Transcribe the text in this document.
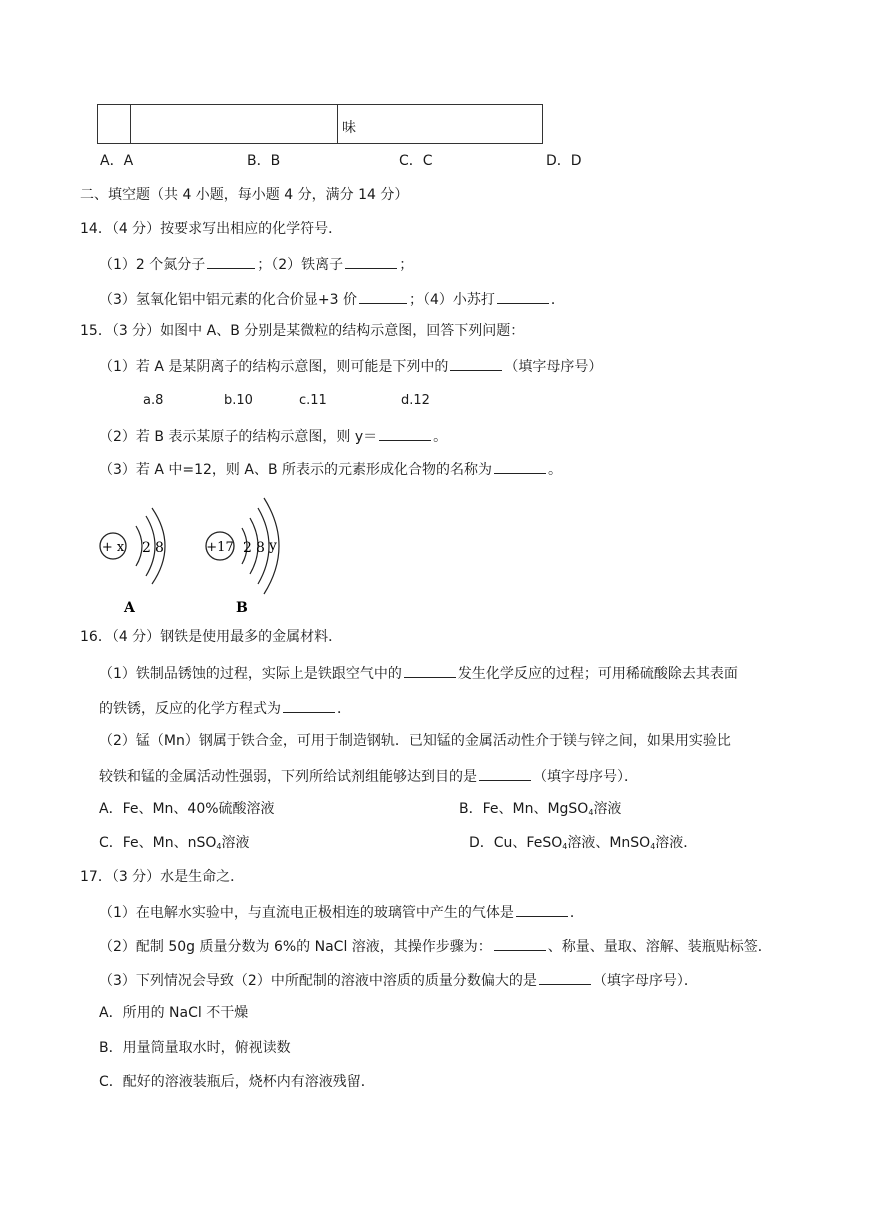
		味
A．A	B．B	C．C	D．D
二、填空题（共 4 小题，每小题 4 分，满分 14 分）
14．（4 分）按要求写出相应的化学符号．
（1）2 个氮分子	；（2）铁离子	；
（3）氢氧化铝中铝元素的化合价显+3 价	；（4）小苏打	．
15．（3 分）如图中 A、B 分别是某微粒的结构示意图，回答下列问题：
（1）若 A 是某阴离子的结构示意图，则可能是下列中的	（填字母序号）
a.8	b.10	c.11	d.12
（2）若 B 表示某原子的结构示意图，则 y＝	。
（3）若 A 中=12，则 A、B 所表示的元素形成化合物的名称为	。
+ x 2 8
A
+17 2 8 y
B
16．（4 分）钢铁是使用最多的金属材料．
（1）铁制品锈蚀的过程，实际上是铁跟空气中的	发生化学反应的过程；可用稀硫酸除去其表面
的铁锈，反应的化学方程式为	．
（2）锰（Mn）钢属于铁合金，可用于制造钢轨．已知锰的金属活动性介于镁与锌之间，如果用实验比
较铁和锰的金属活动性强弱，下列所给试剂组能够达到目的是	（填字母序号）．
A．Fe、Mn、40%硫酸溶液	B．Fe、Mn、MgSO$_4$溶液
C．Fe、Mn、nSO$_4$溶液	D．Cu、FeSO$_4$溶液、MnSO$_4$溶液．
17．（3 分）水是生命之．
（1）在电解水实验中，与直流电正极相连的玻璃管中产生的气体是	．
（2）配制 50g 质量分数为 6%的 NaCl 溶液，其操作步骤为：	、称量、量取、溶解、装瓶贴标签．
（3）下列情况会导致（2）中所配制的溶液中溶质的质量分数偏大的是	（填字母序号）．
A．所用的 NaCl 不干燥
B．用量筒量取水时，俯视读数
C．配好的溶液装瓶后，烧杯内有溶液残留．
